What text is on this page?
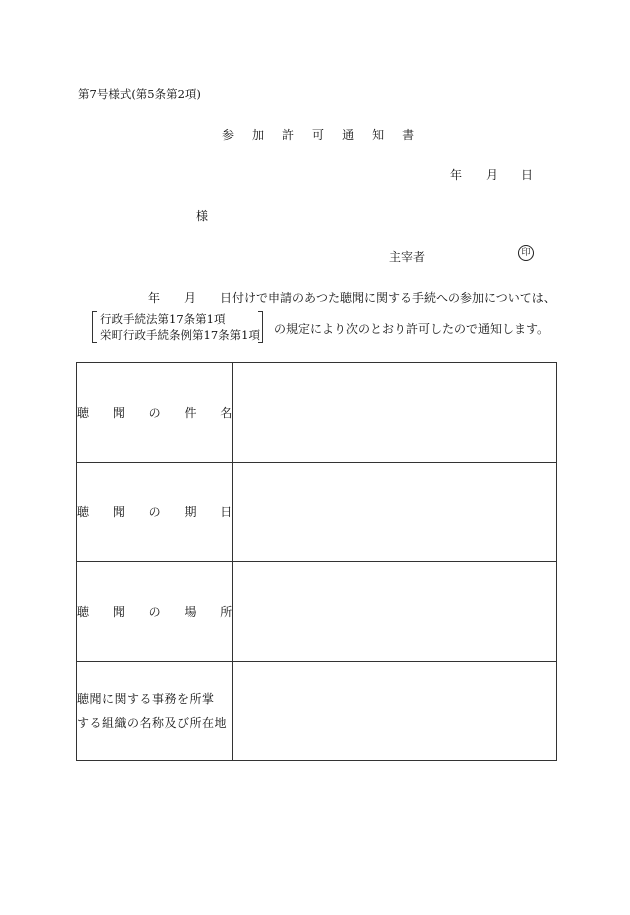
第7号様式(第5条第2項)
参 加 許 可 通 知 書
年 月 日
様
主宰者	印
年 月 日付けで申請のあつた聴聞に関する手続への参加については、
行政手続法第17条第1項
栄町行政手続条例第17条第1項 の規定により次のとおり許可したので通知します。
聴 聞 の 件 名	

聴 聞 の 期 日	

聴 聞 の 場 所	

聴聞に関する事務を所掌
する組織の名称及び所在地	
